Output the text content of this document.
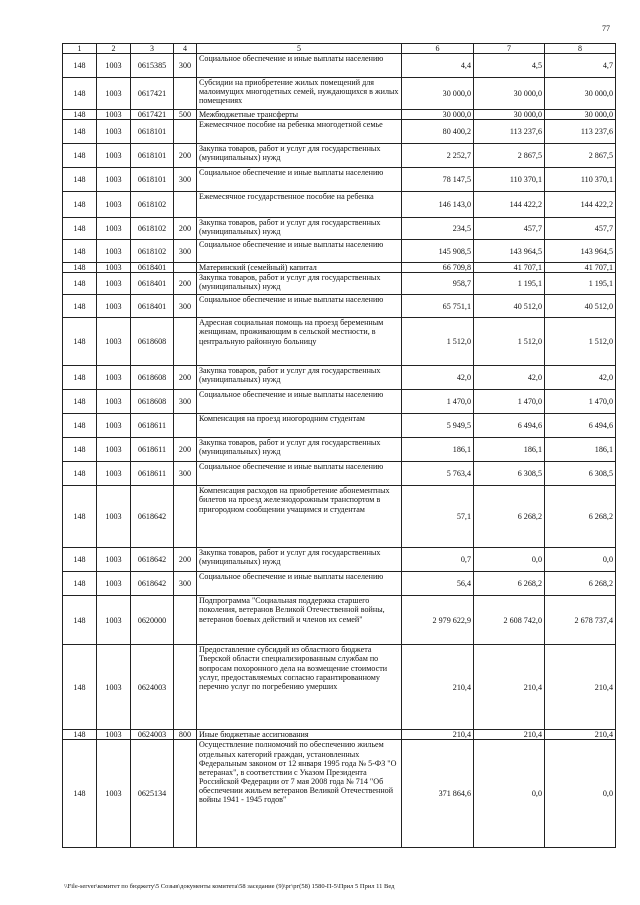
77
1	2	3	4	5	6	7	8
148	1003	0615385	300	Социальное обеспечение и иные выплаты населению	4,4	4,5	4,7
148	1003	0617421		Субсидии на приобретение жилых помещений для малоимущих многодетных семей, нуждающихся в жилых помещениях	30 000,0	30 000,0	30 000,0
148	1003	0617421	500	Межбюджетные трансферты	30 000,0	30 000,0	30 000,0
148	1003	0618101		Ежемесячное пособие на ребенка многодетной семье	80 400,2	113 237,6	113 237,6
148	1003	0618101	200	Закупка товаров, работ и услуг для государственных (муниципальных) нужд	2 252,7	2 867,5	2 867,5
148	1003	0618101	300	Социальное обеспечение и иные выплаты населению	78 147,5	110 370,1	110 370,1
148	1003	0618102		Ежемесячное государственное пособие на ребенка	146 143,0	144 422,2	144 422,2
148	1003	0618102	200	Закупка товаров, работ и услуг для государственных (муниципальных) нужд	234,5	457,7	457,7
148	1003	0618102	300	Социальное обеспечение и иные выплаты населению	145 908,5	143 964,5	143 964,5
148	1003	0618401		Материнский (семейный) капитал	66 709,8	41 707,1	41 707,1
148	1003	0618401	200	Закупка товаров, работ и услуг для государственных (муниципальных) нужд	958,7	1 195,1	1 195,1
148	1003	0618401	300	Социальное обеспечение и иные выплаты населению	65 751,1	40 512,0	40 512,0
148	1003	0618608		Адресная социальная помощь на проезд беременным женщинам, проживающим в сельской местности, в центральную районную больницу	1 512,0	1 512,0	1 512,0
148	1003	0618608	200	Закупка товаров, работ и услуг для государственных (муниципальных) нужд	42,0	42,0	42,0
148	1003	0618608	300	Социальное обеспечение и иные выплаты населению	1 470,0	1 470,0	1 470,0
148	1003	0618611		Компенсация на проезд иногородним студентам	5 949,5	6 494,6	6 494,6
148	1003	0618611	200	Закупка товаров, работ и услуг для государственных (муниципальных) нужд	186,1	186,1	186,1
148	1003	0618611	300	Социальное обеспечение и иные выплаты населению	5 763,4	6 308,5	6 308,5
148	1003	0618642		Компенсация расходов на приобретение абонементных билетов на проезд железнодорожным транспортом в пригородном сообщении учащимся и студентам	57,1	6 268,2	6 268,2
148	1003	0618642	200	Закупка товаров, работ и услуг для государственных (муниципальных) нужд	0,7	0,0	0,0
148	1003	0618642	300	Социальное обеспечение и иные выплаты населению	56,4	6 268,2	6 268,2
148	1003	0620000		Подпрограмма "Социальная поддержка старшего поколения, ветеранов Великой Отечественной войны, ветеранов боевых действий и членов их семей"	2 979 622,9	2 608 742,0	2 678 737,4
148	1003	0624003		Предоставление субсидий из областного бюджета Тверской области специализированным службам по вопросам похоронного дела на возмещение стоимости услуг, предоставляемых согласно гарантированному перечню услуг по погребению умерших	210,4	210,4	210,4
148	1003	0624003	800	Иные бюджетные ассигнования	210,4	210,4	210,4
148	1003	0625134		Осуществление полномочий по обеспечению жильем отдельных категорий граждан, установленных Федеральным законом от 12 января 1995 года № 5-ФЗ "О ветеранах", в соответствии с Указом Президента Российской Федерации от 7 мая 2008 года № 714 "Об обеспечении жильем ветеранов Великой Отечественной войны 1941 - 1945 годов"	371 864,6	0,0	0,0
\\File-server\комитет по бюджету\5 Созыв\документы комитета\58 заседание (9)\рг\рг(58) 1580-П-5\Прил 5 Прил 11 Вед
